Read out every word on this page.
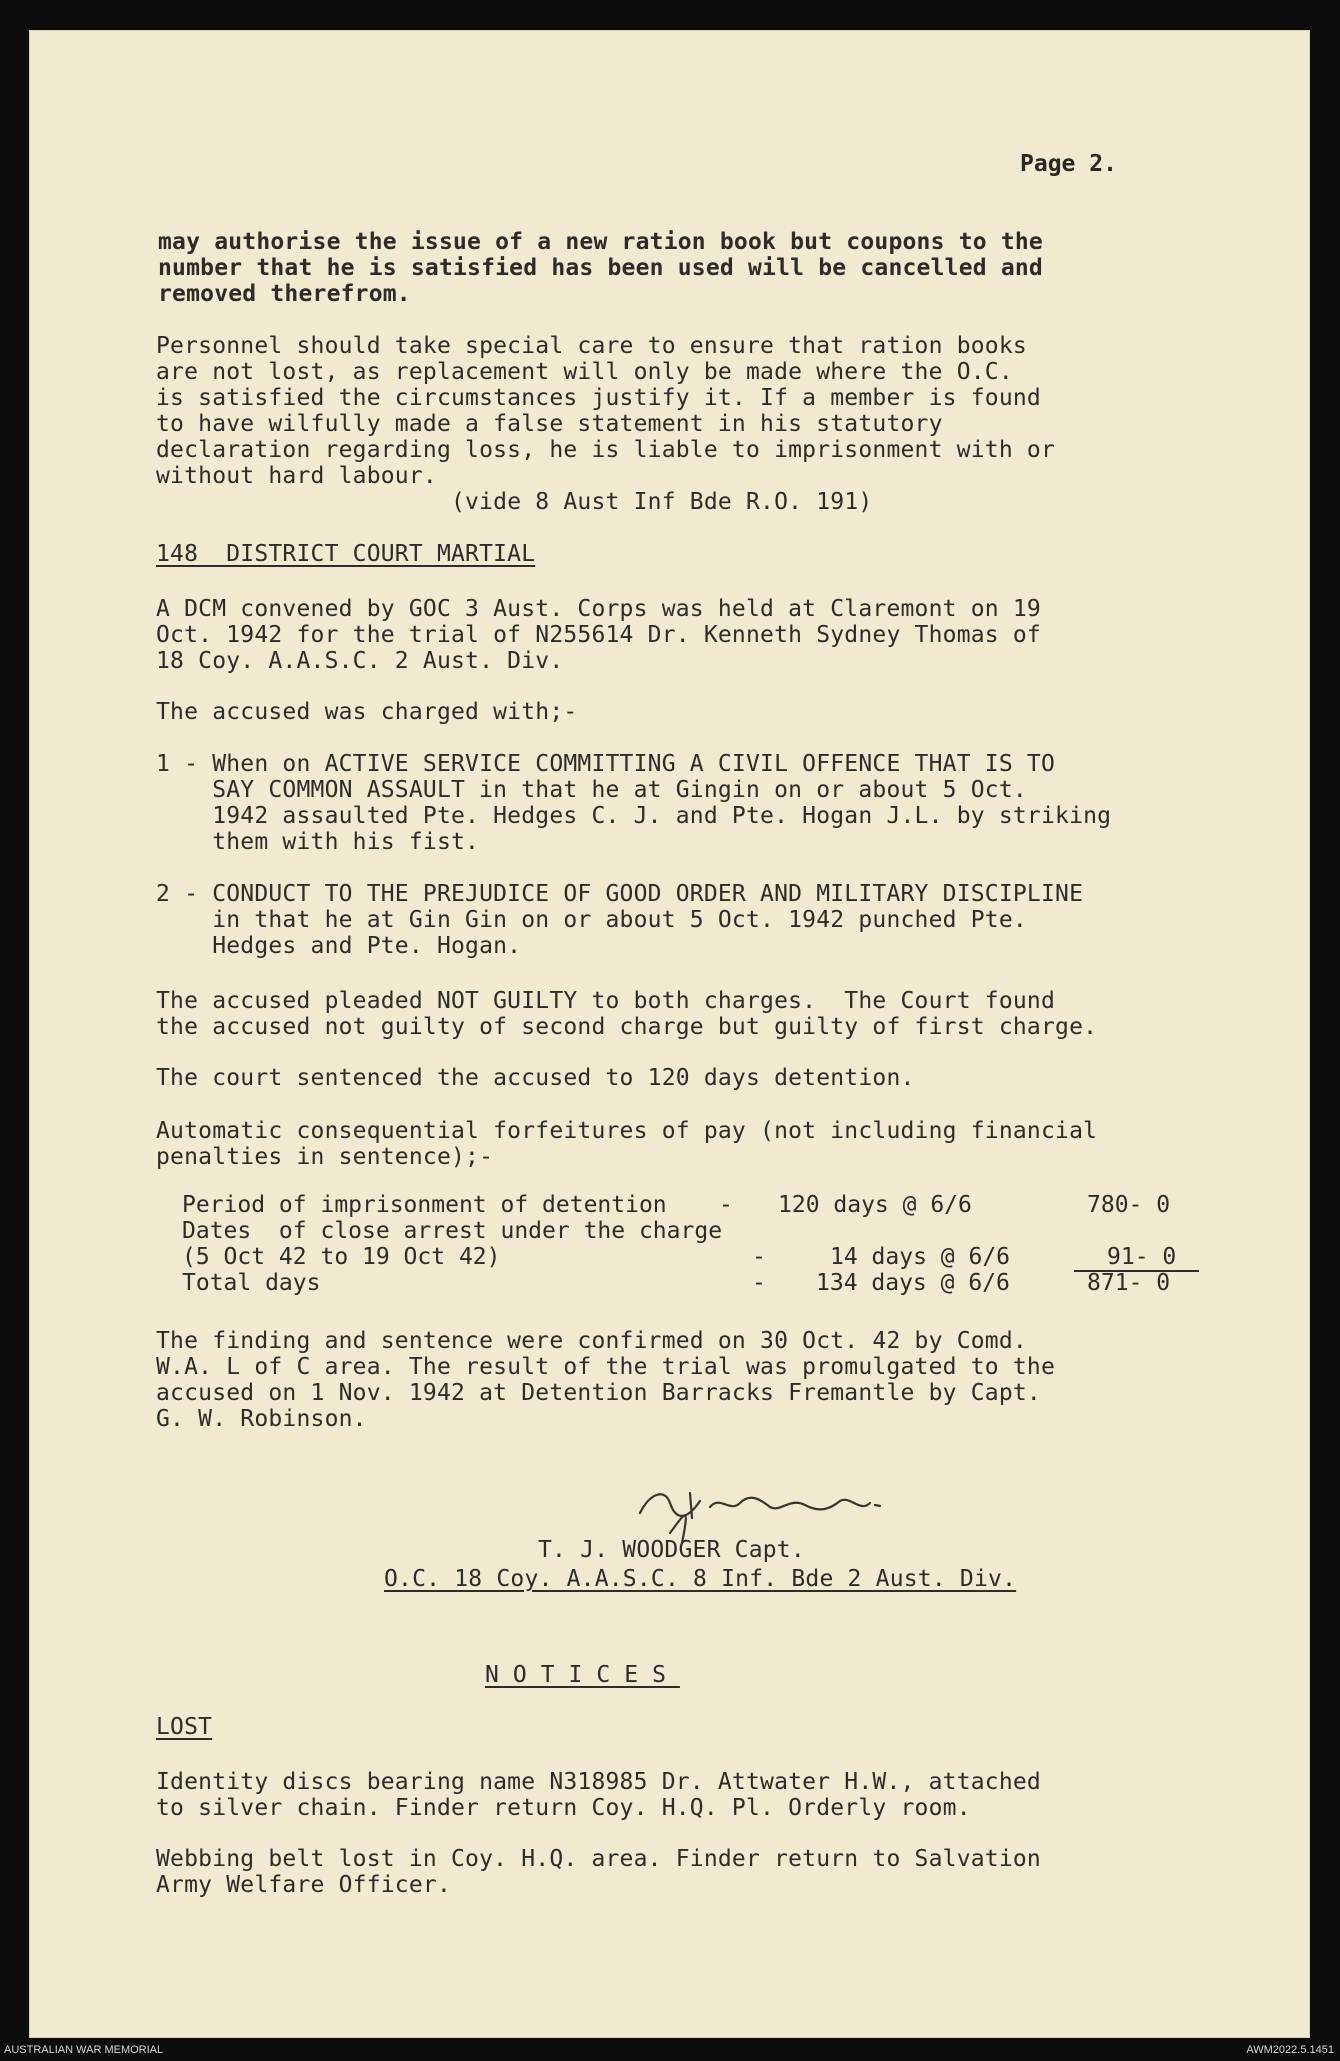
Page 2.

may authorise the issue of a new ration book but coupons to the
number that he is satisfied has been used will be cancelled and
removed therefrom.

Personnel should take special care to ensure that ration books
are not lost, as replacement will only be made where the O.C.
is satisfied the circumstances justify it. If a member is found
to have wilfully made a false statement in his statutory
declaration regarding loss, he is liable to imprisonment with or
without hard labour.

(vide 8 Aust Inf Bde R.O. 191)

148  DISTRICT COURT MARTIAL

A DCM convened by GOC 3 Aust. Corps was held at Claremont on 19
Oct. 1942 for the trial of N255614 Dr. Kenneth Sydney Thomas of
18 Coy. A.A.S.C. 2 Aust. Div.

The accused was charged with;-

1 - When on ACTIVE SERVICE COMMITTING A CIVIL OFFENCE THAT IS TO
SAY COMMON ASSAULT in that he at Gingin on or about 5 Oct.
1942 assaulted Pte. Hedges C. J. and Pte. Hogan J.L. by striking
them with his fist.

2 - CONDUCT TO THE PREJUDICE OF GOOD ORDER AND MILITARY DISCIPLINE
in that he at Gin Gin on or about 5 Oct. 1942 punched Pte.
Hedges and Pte. Hogan.

The accused pleaded NOT GUILTY to both charges.  The Court found
the accused not guilty of second charge but guilty of first charge.

The court sentenced the accused to 120 days detention.

Automatic consequential forfeitures of pay (not including financial
penalties in sentence);-

Period of imprisonment of detention - 120 days @ 6/6	780- 0

Dates  of close arrest under the charge
(5 Oct 42 to 19 Oct 42)	-	14 days @ 6/6	91- 0

Total days	- 134 days @ 6/6	871- 0

The finding and sentence were confirmed on 30 Oct. 42 by Comd.
W.A. L of C area. The result of the trial was promulgated to the
accused on 1 Nov. 1942 at Detention Barracks Fremantle by Capt.
G. W. Robinson.

T. J. WOODGER Capt.

O.C. 18 Coy. A.A.S.C. 8 Inf. Bde 2 Aust. Div.

NOTICES

LOST

Identity discs bearing name N318985 Dr. Attwater H.W., attached
to silver chain. Finder return Coy. H.Q. Pl. Orderly room.

Webbing belt lost in Coy. H.Q. area. Finder return to Salvation
Army Welfare Officer.

AUSTRALIAN WAR MEMORIAL	AWM2022.5.1451
